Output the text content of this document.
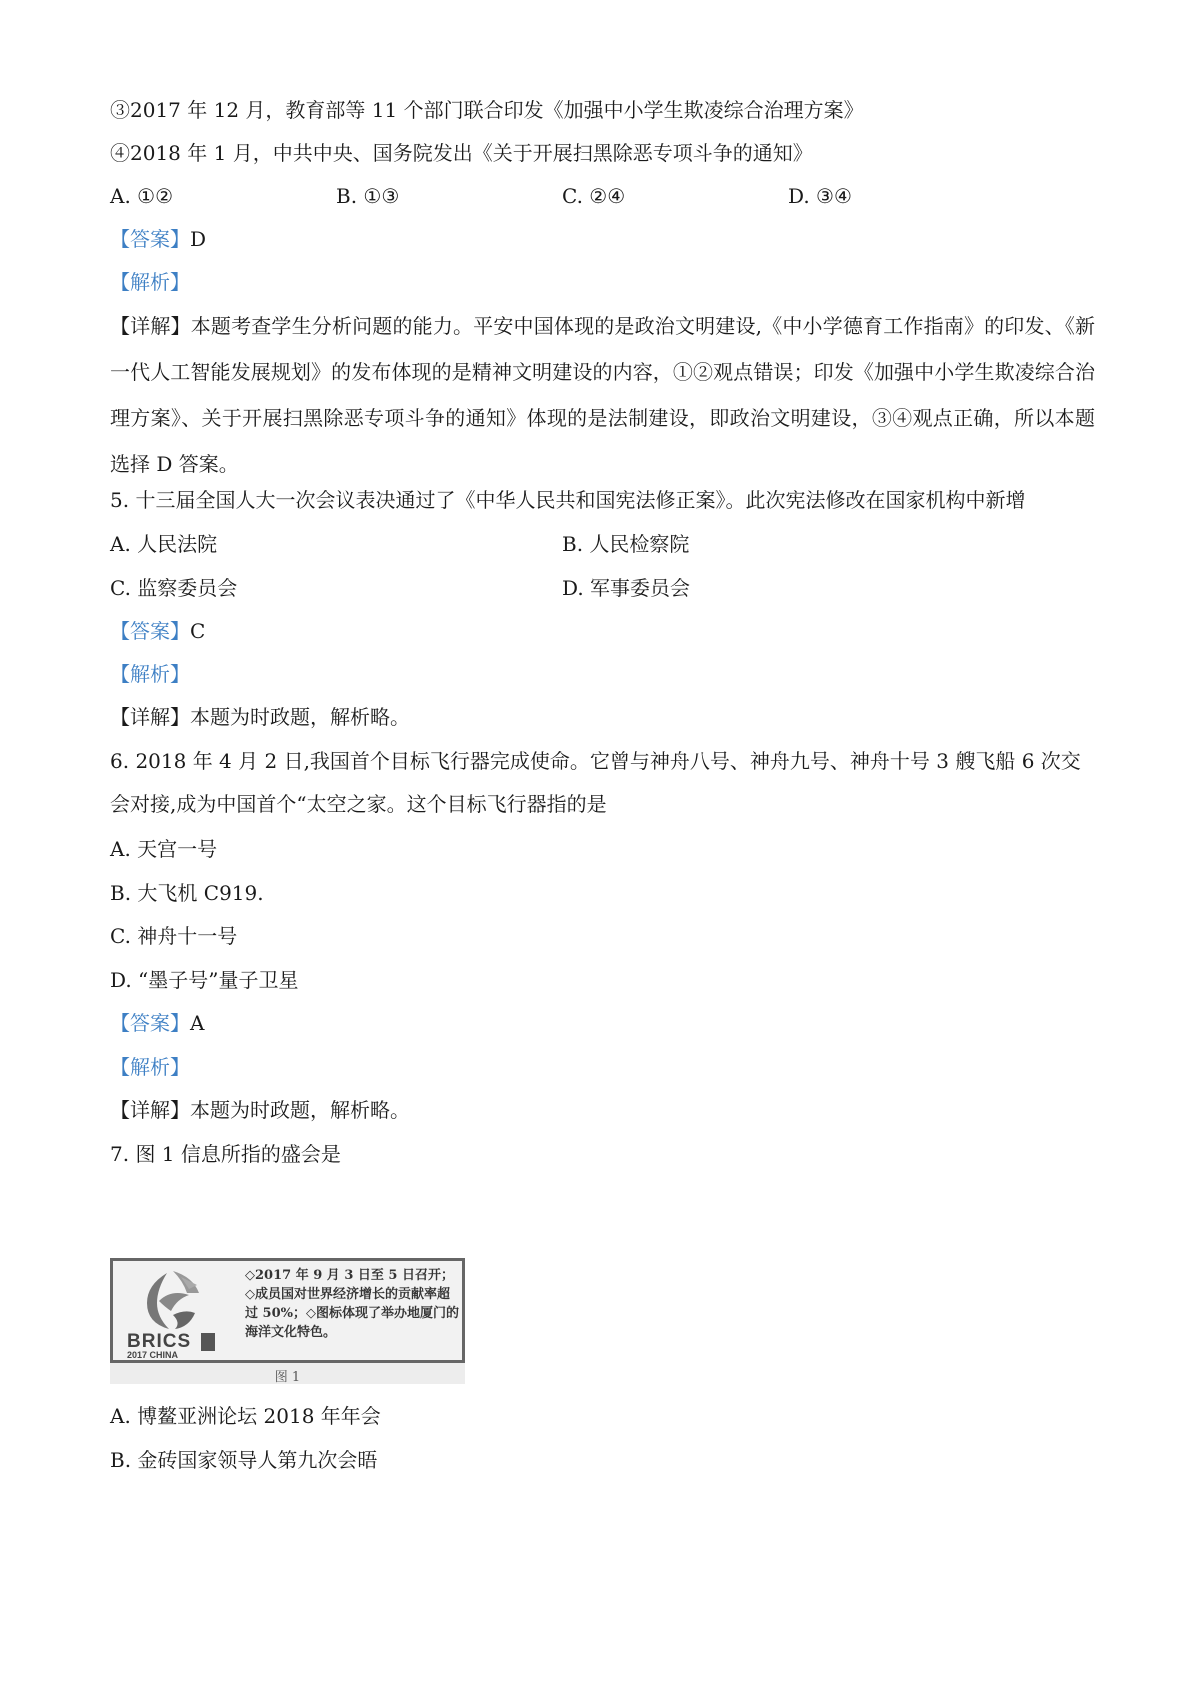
③2017 年 12 月，教育部等 11 个部门联合印发《加强中小学生欺凌综合治理方案》
④2018 年 1 月，中共中央、国务院发出《关于开展扫黑除恶专项斗争的通知》
A. ①②	B. ①③	C. ②④	D. ③④
【答案】D
【解析】
【详解】本题考查学生分析问题的能力。平安中国体现的是政治文明建设,《中小学德育工作指南》的印发、《新一代人工智能发展规划》的发布体现的是精神文明建设的内容，①②观点错误；印发《加强中小学生欺凌综合治理方案》、关于开展扫黑除恶专项斗争的通知》体现的是法制建设，即政治文明建设，③④观点正确，所以本题选择 D 答案。
5. 十三届全国人大一次会议表决通过了《中华人民共和国宪法修正案》。此次宪法修改在国家机构中新增
A. 人民法院	B. 人民检察院
C. 监察委员会	D. 军事委员会
【答案】C
【解析】
【详解】本题为时政题，解析略。
6. 2018 年 4 月 2 日,我国首个目标飞行器完成使命。它曾与神舟八号、神舟九号、神舟十号 3 艘飞船 6 次交
会对接,成为中国首个“太空之家。这个目标飞行器指的是
A. 天宫一号
B. 大飞机 C919.
C. 神舟十一号
D. “墨子号”量子卫星
【答案】A
【解析】
【详解】本题为时政题，解析略。
7. 图 1 信息所指的盛会是
BRICS
2017 CHINA
◇2017 年 9 月 3 日至 5 日召开；◇成员国对世界经济增长的贡献率超过 50%；◇图标体现了举办地厦门的海洋文化特色。
图 1
A. 博鳌亚洲论坛 2018 年年会
B. 金砖国家领导人第九次会晤
